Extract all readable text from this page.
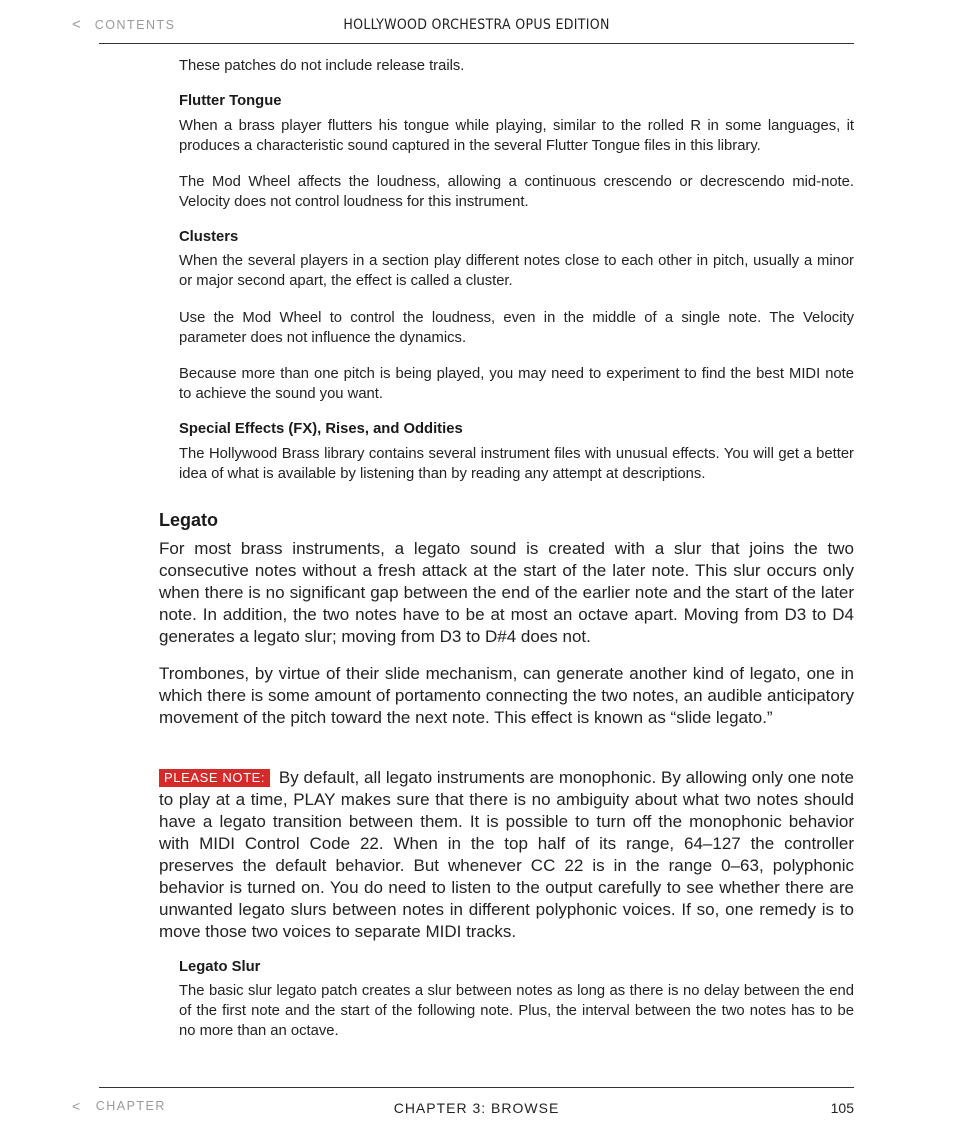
< CONTENTS	HOLLYWOOD ORCHESTRA OPUS EDITION
These patches do not include release trails.
Flutter Tongue
When a brass player flutters his tongue while playing, similar to the rolled R in some languages, it produces a characteristic sound captured in the several Flutter Tongue files in this library.
The Mod Wheel affects the loudness, allowing a continuous crescendo or decrescendo mid-note. Velocity does not control loudness for this instrument.
Clusters
When the several players in a section play different notes close to each other in pitch, usually a minor or major second apart, the effect is called a cluster.
Use the Mod Wheel to control the loudness, even in the middle of a single note. The Velocity parameter does not influence the dynamics.
Because more than one pitch is being played, you may need to experiment to find the best MIDI note to achieve the sound you want.
Special Effects (FX), Rises, and Oddities
The Hollywood Brass library contains several instrument files with unusual effects. You will get a better idea of what is available by listening than by reading any attempt at descriptions.
Legato
For most brass instruments, a legato sound is created with a slur that joins the two consecutive notes without a fresh attack at the start of the later note. This slur occurs only when there is no significant gap between the end of the earlier note and the start of the later note. In addition, the two notes have to be at most an octave apart. Moving from D3 to D4 generates a legato slur; moving from D3 to D#4 does not.
Trombones, by virtue of their slide mechanism, can generate another kind of legato, one in which there is some amount of portamento connecting the two notes, an audible anticipatory movement of the pitch toward the next note. This effect is known as “slide legato.”
PLEASE NOTE: By default, all legato instruments are monophonic. By allowing only one note to play at a time, PLAY makes sure that there is no ambiguity about what two notes should have a legato transition between them. It is possible to turn off the monophonic behavior with MIDI Control Code 22. When in the top half of its range, 64–127 the controller preserves the default behavior. But whenever CC 22 is in the range 0–63, polyphonic behavior is turned on. You do need to listen to the output carefully to see whether there are unwanted legato slurs between notes in different polyphonic voices. If so, one remedy is to move those two voices to separate MIDI tracks.
Legato Slur
The basic slur legato patch creates a slur between notes as long as there is no delay between the end of the first note and the start of the following note. Plus, the interval between the two notes has to be no more than an octave.
< CHAPTER	CHAPTER 3: BROWSE	105
